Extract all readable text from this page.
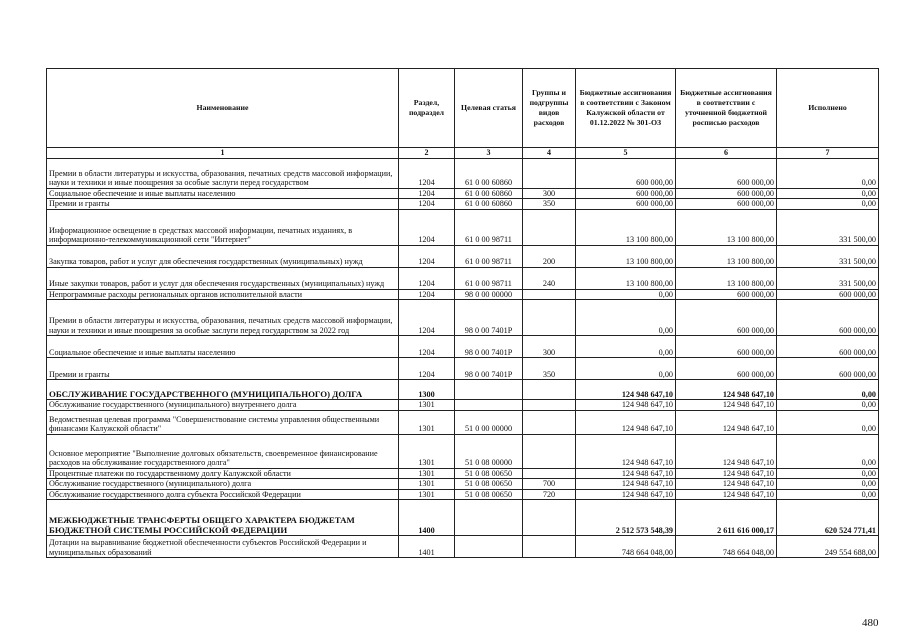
Наименование	Раздел, подраздел	Целевая статья	Группы и подгруппы видов расходов	Бюджетные ассигнования в соответствии с Законом Калужской области от 01.12.2022 № 301-ОЗ	Бюджетные ассигнования в соответствии с уточненной бюджетной росписью расходов	Исполнено
1	2	3	4	5	6	7
Премии в области литературы и искусства, образования, печатных средств массовой информации, науки и техники и иные поощрения за особые заслуги перед государством	1204	61 0 00 60860		600 000,00	600 000,00	0,00
Социальное обеспечение и иные выплаты населению	1204	61 0 00 60860	300	600 000,00	600 000,00	0,00
Премии и гранты	1204	61 0 00 60860	350	600 000,00	600 000,00	0,00
Информационное освещение в средствах массовой информации, печатных изданиях, в информационно-телекоммуникационной сети "Интернет"	1204	61 0 00 98711		13 100 800,00	13 100 800,00	331 500,00
Закупка товаров, работ и услуг для обеспечения государственных (муниципальных) нужд	1204	61 0 00 98711	200	13 100 800,00	13 100 800,00	331 500,00
Иные закупки товаров, работ и услуг для обеспечения государственных (муниципальных) нужд	1204	61 0 00 98711	240	13 100 800,00	13 100 800,00	331 500,00
Непрограммные расходы региональных органов исполнительной власти	1204	98 0 00 00000		0,00	600 000,00	600 000,00
Премии в области литературы и искусства, образования, печатных средств массовой информации, науки и техники и иные поощрения за особые заслуги перед государством за 2022 год	1204	98 0 00 7401P		0,00	600 000,00	600 000,00
Социальное обеспечение и иные выплаты населению	1204	98 0 00 7401P	300	0,00	600 000,00	600 000,00
Премии и гранты	1204	98 0 00 7401P	350	0,00	600 000,00	600 000,00
ОБСЛУЖИВАНИЕ ГОСУДАРСТВЕННОГО (МУНИЦИПАЛЬНОГО) ДОЛГА	1300			124 948 647,10	124 948 647,10	0,00
Обслуживание государственного (муниципального) внутреннего долга	1301			124 948 647,10	124 948 647,10	0,00
Ведомственная целевая программа "Совершенствование системы управления общественными финансами Калужской области"	1301	51 0 00 00000		124 948 647,10	124 948 647,10	0,00
Основное мероприятие "Выполнение долговых обязательств, своевременное финансирование расходов на обслуживание государственного долга"	1301	51 0 08 00000		124 948 647,10	124 948 647,10	0,00
Процентные платежи по государственному долгу Калужской области	1301	51 0 08 00650		124 948 647,10	124 948 647,10	0,00
Обслуживание государственного (муниципального) долга	1301	51 0 08 00650	700	124 948 647,10	124 948 647,10	0,00
Обслуживание государственного долга субъекта Российской Федерации	1301	51 0 08 00650	720	124 948 647,10	124 948 647,10	0,00
МЕЖБЮДЖЕТНЫЕ ТРАНСФЕРТЫ ОБЩЕГО ХАРАКТЕРА БЮДЖЕТАМ БЮДЖЕТНОЙ СИСТЕМЫ РОССИЙСКОЙ ФЕДЕРАЦИИ	1400			2 512 573 548,39	2 611 616 000,17	620 524 771,41
Дотации на выравнивание бюджетной обеспеченности субъектов Российской Федерации и муниципальных образований	1401			748 664 048,00	748 664 048,00	249 554 688,00
480
